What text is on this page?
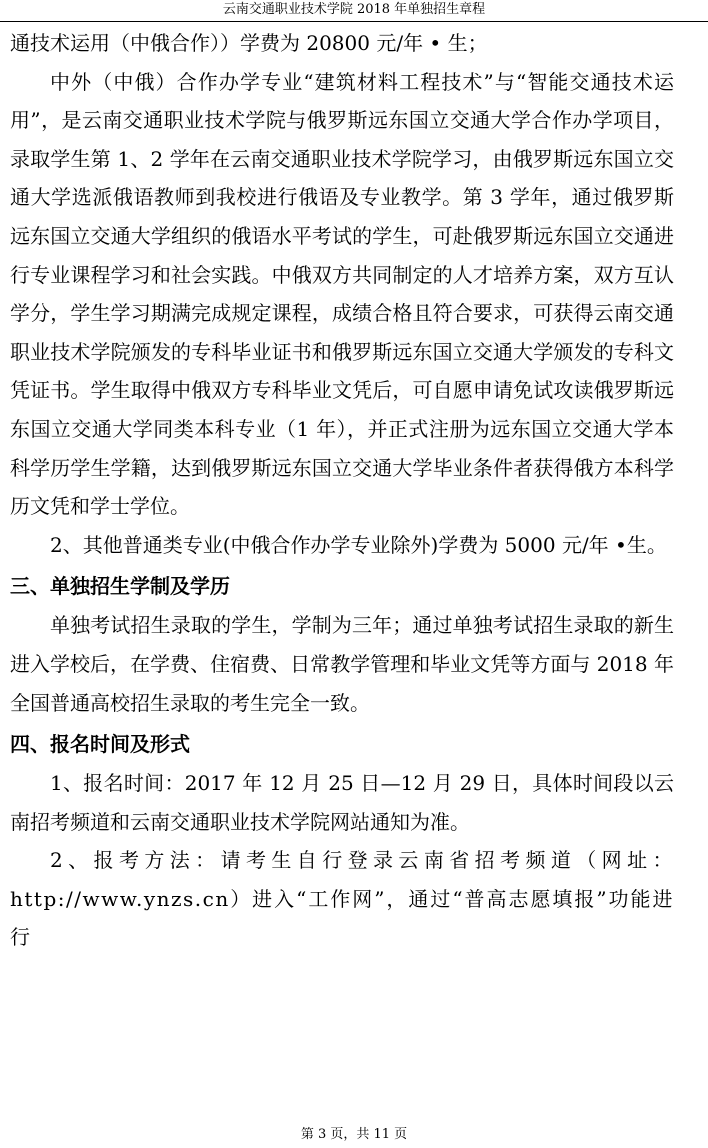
云南交通职业技术学院 2018 年单独招生章程

通技术运用（中俄合作））学费为 20800 元/年 • 生；

中外（中俄）合作办学专业“建筑材料工程技术”与“智能交通技术运用”，是云南交通职业技术学院与俄罗斯远东国立交通大学合作办学项目，录取学生第 1、2 学年在云南交通职业技术学院学习，由俄罗斯远东国立交通大学选派俄语教师到我校进行俄语及专业教学。第 3 学年，通过俄罗斯远东国立交通大学组织的俄语水平考试的学生，可赴俄罗斯远东国立交通进行专业课程学习和社会实践。中俄双方共同制定的人才培养方案，双方互认学分，学生学习期满完成规定课程，成绩合格且符合要求，可获得云南交通职业技术学院颁发的专科毕业证书和俄罗斯远东国立交通大学颁发的专科文凭证书。学生取得中俄双方专科毕业文凭后，可自愿申请免试攻读俄罗斯远东国立交通大学同类本科专业（1 年），并正式注册为远东国立交通大学本科学历学生学籍，达到俄罗斯远东国立交通大学毕业条件者获得俄方本科学历文凭和学士学位。

2、其他普通类专业(中俄合作办学专业除外)学费为 5000 元/年 •生。

三、单独招生学制及学历

单独考试招生录取的学生，学制为三年；通过单独考试招生录取的新生进入学校后，在学费、住宿费、日常教学管理和毕业文凭等方面与 2018 年全国普通高校招生录取的考生完全一致。

四、报名时间及形式

1、报名时间：2017 年 12 月 25 日—12 月 29 日，具体时间段以云南招考频道和云南交通职业技术学院网站通知为准。

2、报考方法：请考生自行登录云南省招考频道（网址：http://www.ynzs.cn）进入“工作网”，通过“普高志愿填报”功能进行

第 3 页，共 11 页
